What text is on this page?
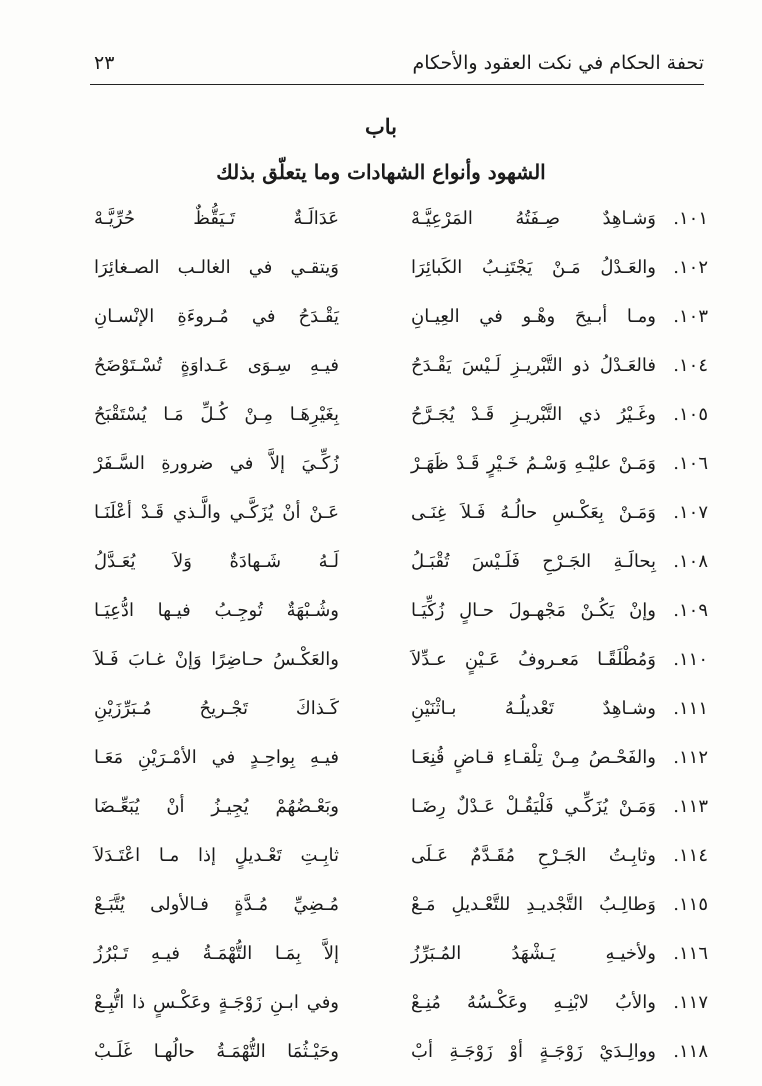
تحفة الحكام في نكت العقود والأحكام
٢٣
باب
الشهود وأنواع الشهادات وما يتعلّق بذلك
١٠١.
وَشـاهِدٌ صِـفَتُهُ المَرْعِيَّـهْ
عَدَالَـةٌ تَـيَقُّظٌ حُرِّيَّـهْ
١٠٢.
والعَـدْلُ مَـنْ يَجْتَنِـبُ الكَبائِرَا
وَيتقـي في الغالـب الصـغائِرَا
١٠٣.
ومـا أبـيحَ وهْـو في العِيـانِ
يَقْـدَحُ في مُـروءَةِ الإنْسـانِ
١٠٤.
فالعَـدْلُ ذو التَّبْريـزِ لَـيْسَ يَقْـدَحُ
فيـهِ سِـوَى عَـداوَةٍ تُسْـتَوْضَحُ
١٠٥.
وغَـيْرُ ذي التَّبْريـزِ قَـدْ يُجَـرَّحُ
بِغَيْرِهَـا مِـنْ كُـلِّ مَـا يُسْتَقْبَحُ
١٠٦.
وَمَـنْ عليْـهِ وَسْـمُ خَـيْرٍ قَـدْ ظَهَـرْ
زُكِّـيَ إلاَّ في ضرورةِ السَّـفَرْ
١٠٧.
وَمَـنْ بِعَكْـسِ حالُـهُ فَـلاَ غِنَـى
عَـنْ أنْ يُزَكَّـي والَّـذي قَـدْ أعْلَنَـا
١٠٨.
بِحالَـةِ الجَـرْحِ فَلَـيْسَ تُقْبَـلُ
لَـهُ شَـهادَةٌ وَلاَ يُعَـدَّلُ
١٠٩.
وإنْ يَكُـنْ مَجْهـولَ حـالٍ زُكِّيَـا
وشُـبْهَةٌ تُوجِـبُ فيـها ادُّعِيَـا
١١٠.
وَمُطْلَقًـا مَعـروفُ عَـيْنٍ عـدِّلاَ
والعَكْـسُ حـاضِرًا وَإنْ غـابَ فَـلاَ
١١١.
وشـاهِدٌ تَعْديلُـهُ بـاثْنَيْنِ
كَـذاكَ تَجْـريحُ مُـبَرِّزَيْنِ
١١٢.
والفَحْـصُ مِـنْ تِلْقـاءِ قـاضٍ قُنِعَـا
فيـهِ بِواحِـدٍ في الأمْـرَيْنِ مَعَـا
١١٣.
وَمَـنْ يُزَكِّـي فَلْيَقُـلْ عَـدْلٌ رِضَـا
وبَعْـضُهُمْ يُجِيـزُ أنْ يُبَعِّـضَا
١١٤.
وثابِـتُ الجَـرْحِ مُقَـدَّمٌ عَـلَى
ثابِـتِ تَعْـديلٍ إذا مـا اعْتَـدَلاَ
١١٥.
وَطالِـبُ التَّجْديـدِ للتَّعْـديلِ مَـعْ
مُـضِيِّ مُـدَّةٍ فـالأولى يُتَّبَـعْ
١١٦.
ولأخيـهِ يَـشْهَدُ المُـبَرِّزُ
إلاَّ بِمَـا التُّهْمَـةُ فيـهِ تَـبْرُزُ
١١٧.
والأبُ لابْنِـهِ وعَكْـسُهُ مُنِـعْ
وفي ابـنِ زَوْجَـةٍ وعَكْـسٍ ذا اتُّبِـعْ
١١٨.
ووالِـدَيْ زَوْجَـةٍ أوْ زَوْجَـةِ أبْ
وحَيْـثُمَا التُّهْمَـةُ حالُهـا غَلَـبْ
